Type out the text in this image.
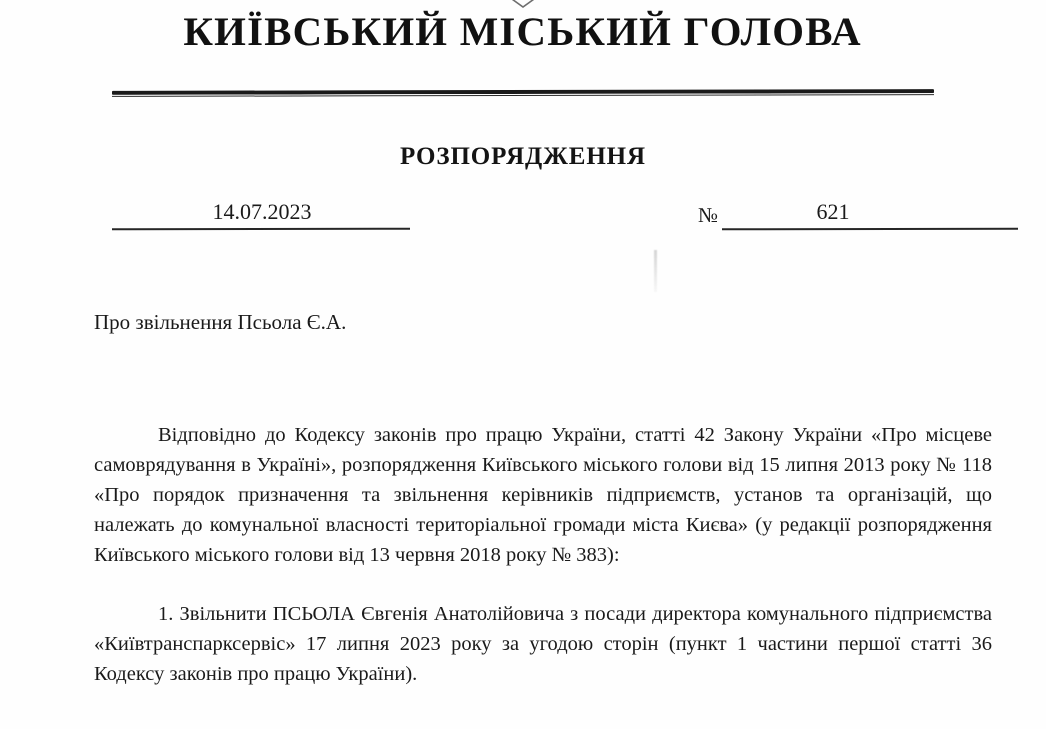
КИЇВСЬКИЙ МІСЬКИЙ ГОЛОВА
РОЗПОРЯДЖЕННЯ
14.07.2023	№	621
Про звільнення Псьола Є.А.

Відповідно до Кодексу законів про працю України, статті 42 Закону України «Про місцеве самоврядування в Україні», розпорядження Київського міського голови від 15 липня 2013 року № 118 «Про порядок призначення та звільнення керівників підприємств, установ та організацій, що належать до комунальної власності територіальної громади міста Києва» (у редакції розпорядження Київського міського голови від 13 червня 2018 року № 383):

1. Звільнити ПСЬОЛА Євгенія Анатолійовича з посади директора комунального підприємства «Київтранспарксервіс» 17 липня 2023 року за угодою сторін (пункт 1 частини першої статті 36 Кодексу законів про працю України).
